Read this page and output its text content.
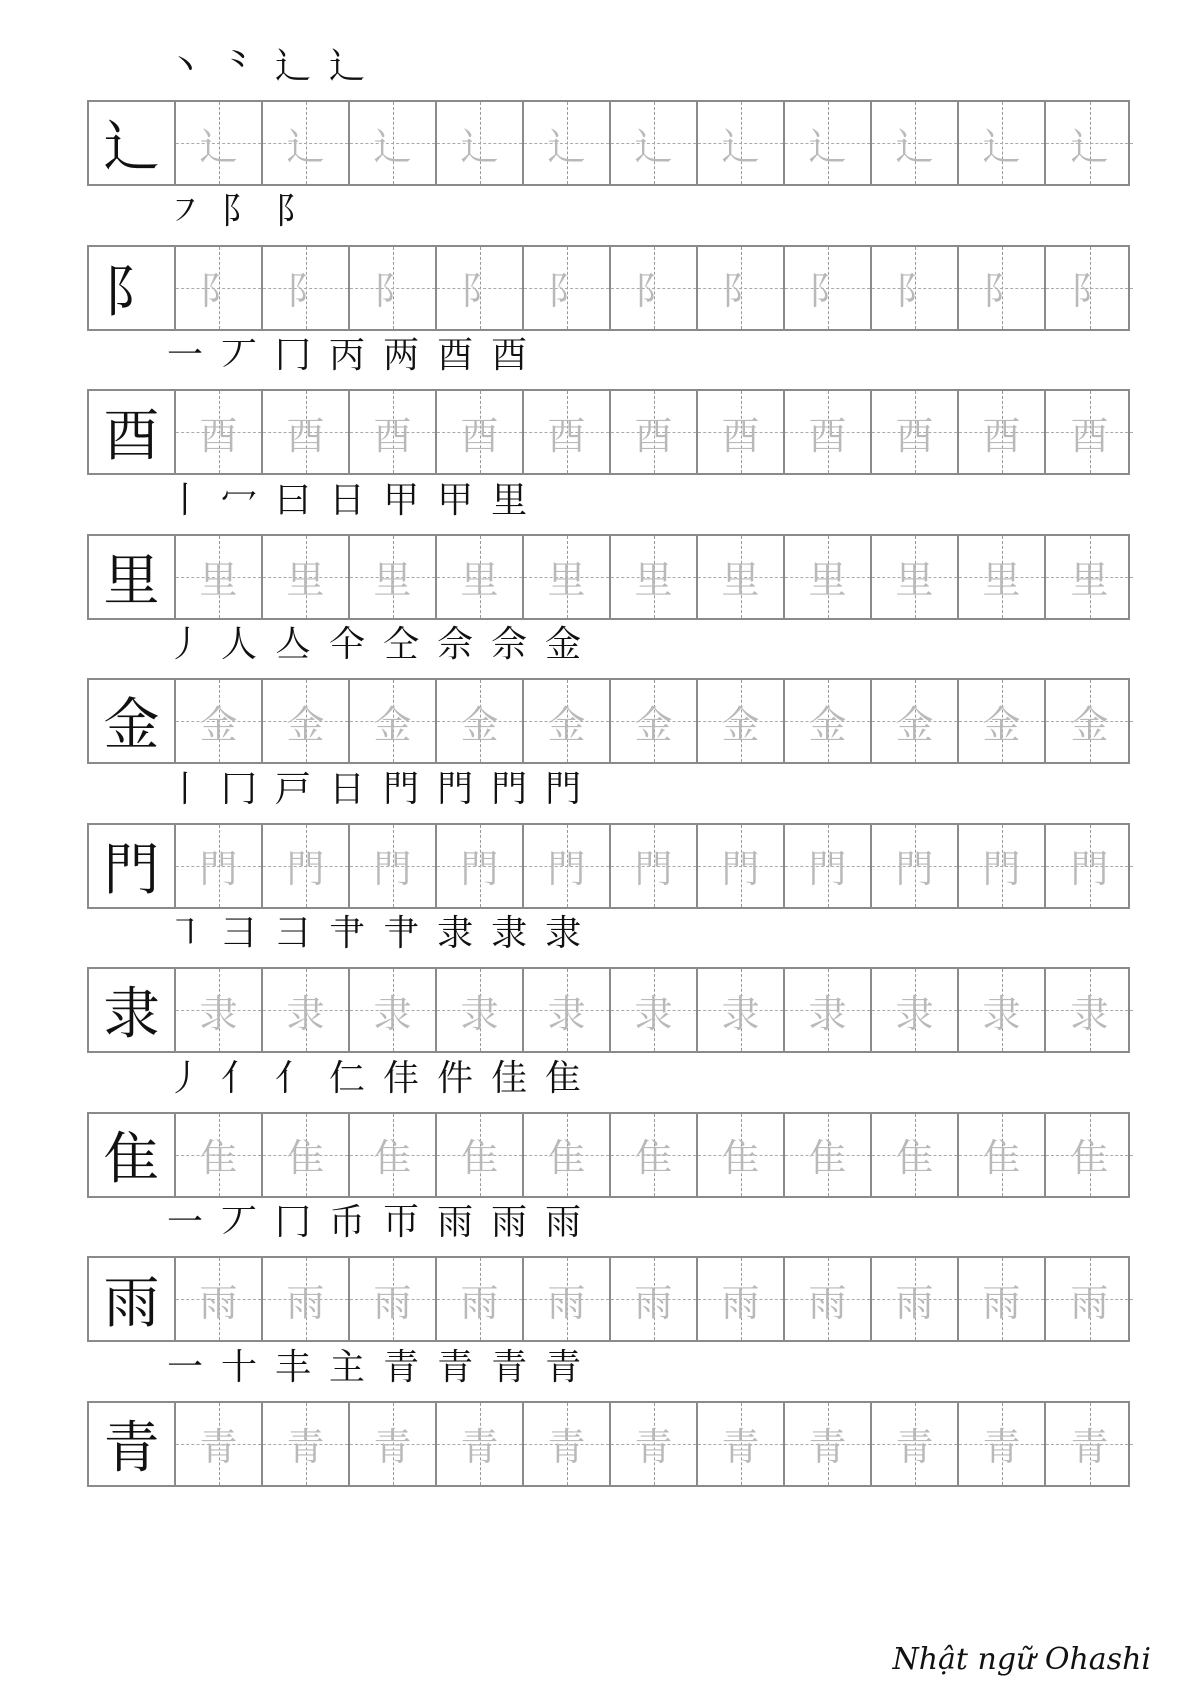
丶 ⺀ ⻌ 辶
辶 辶 辶 辶 辶 辶 辶 辶 辶 辶 辶 辶
㇇ ⻖ 阝
阝 阝 阝 阝 阝 阝 阝 阝 阝 阝 阝 阝
一 丆 冂 丙 两 酉 酉
酉 酉 酉 酉 酉 酉 酉 酉 酉 酉 酉 酉
丨 冖 曰 日 甲 甲 里
里 里 里 里 里 里 里 里 里 里 里 里
丿 人 亼 仐 仝 佘 佘 金
金 金 金 金 金 金 金 金 金 金 金 金
丨 冂 戸 日 門 門 門 門
門 門 門 門 門 門 門 門 門 門 門 門
㇕ 彐 彐 肀 肀 隶 隶 隶
隶 隶 隶 隶 隶 隶 隶 隶 隶 隶 隶 隶
丿 亻 亻 仁 仹 件 佳 隹
隹 隹 隹 隹 隹 隹 隹 隹 隹 隹 隹 隹
一 丆 冂 币 帀 雨 雨 雨
雨 雨 雨 雨 雨 雨 雨 雨 雨 雨 雨 雨
一 十 丰 主 青 青 青 青
青 青 青 青 青 青 青 青 青 青 青 青
Nhật ngữ Ohashi
